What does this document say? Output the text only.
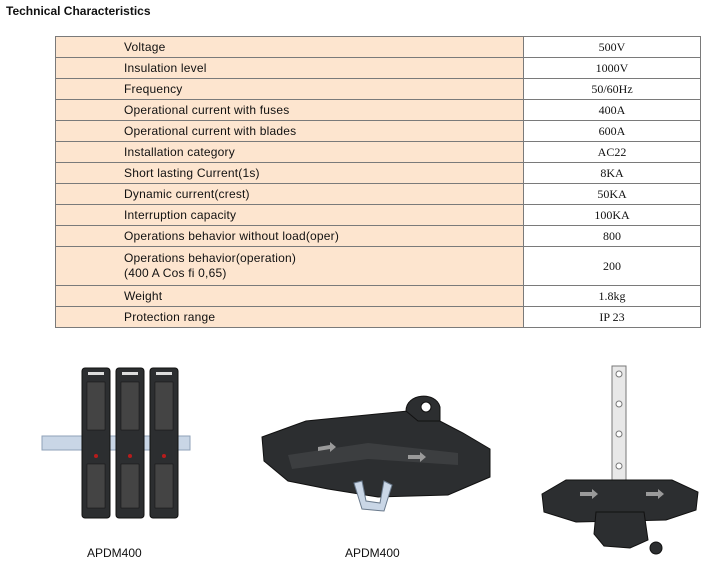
Technical Characteristics
Voltage	500V
Insulation level	1000V
Frequency	50/60Hz
Operational current with fuses	400A
Operational current with blades	600A
Installation category	AC22
Short lasting Current(1s)	8KA
Dynamic current(crest)	50KA
Interruption capacity	100KA
Operations behavior without load(oper)	800

Operations behavior(operation)
(400 A Cos fi 0,65)	200
Weight	1.8kg
Protection range	IP 23
APDM400	APDM400
